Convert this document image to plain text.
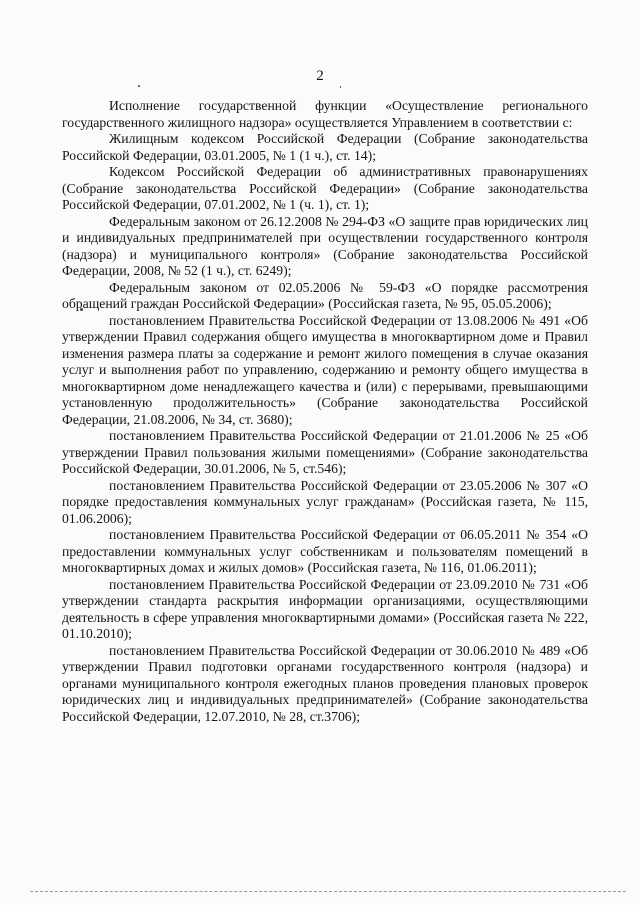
2

Исполнение государственной функции «Осуществление регионального государственного жилищного надзора» осуществляется Управлением в соответствии с:

Жилищным кодексом Российской Федерации (Собрание законодательства Российской Федерации, 03.01.2005, № 1 (1 ч.), ст. 14);

Кодексом Российской Федерации об административных правонарушениях (Собрание законодательства Российской Федерации» (Собрание законодательства Российской Федерации, 07.01.2002, № 1 (ч. 1), ст. 1);

Федеральным законом от 26.12.2008 № 294-ФЗ «О защите прав юридических лиц и индивидуальных предпринимателей при осуществлении государственного контроля (надзора) и муниципального контроля» (Собрание законодательства Российской Федерации, 2008, № 52 (1 ч.), ст. 6249);

Федеральным законом от 02.05.2006 № 59-ФЗ «О порядке рассмотрения обращений граждан Российской Федерации» (Российская газета, № 95, 05.05.2006);

постановлением Правительства Российской Федерации от 13.08.2006 № 491 «Об утверждении Правил содержания общего имущества в многоквартирном доме и Правил изменения размера платы за содержание и ремонт жилого помещения в случае оказания услуг и выполнения работ по управлению, содержанию и ремонту общего имущества в многоквартирном доме ненадлежащего качества и (или) с перерывами, превышающими установленную продолжительность» (Собрание законодательства Российской Федерации, 21.08.2006, № 34, ст. 3680);

постановлением Правительства Российской Федерации от 21.01.2006 № 25 «Об утверждении Правил пользования жилыми помещениями» (Собрание законодательства Российской Федерации, 30.01.2006, № 5, ст.546);

постановлением Правительства Российской Федерации от 23.05.2006 № 307 «О порядке предоставления коммунальных услуг гражданам» (Российская газета, № 115, 01.06.2006);

постановлением Правительства Российской Федерации от 06.05.2011 № 354 «О предоставлении коммунальных услуг собственникам и пользователям помещений в многоквартирных домах и жилых домов» (Российская газета, № 116, 01.06.2011);

постановлением Правительства Российской Федерации от 23.09.2010 № 731 «Об утверждении стандарта раскрытия информации организациями, осуществляющими деятельность в сфере управления многоквартирными домами» (Российская газета № 222, 01.10.2010);

постановлением Правительства Российской Федерации от 30.06.2010 № 489 «Об утверждении Правил подготовки органами государственного контроля (надзора) и органами муниципального контроля ежегодных планов проведения плановых проверок юридических лиц и индивидуальных предпринимателей» (Собрание законодательства Российской Федерации, 12.07.2010, № 28, ст.3706);
